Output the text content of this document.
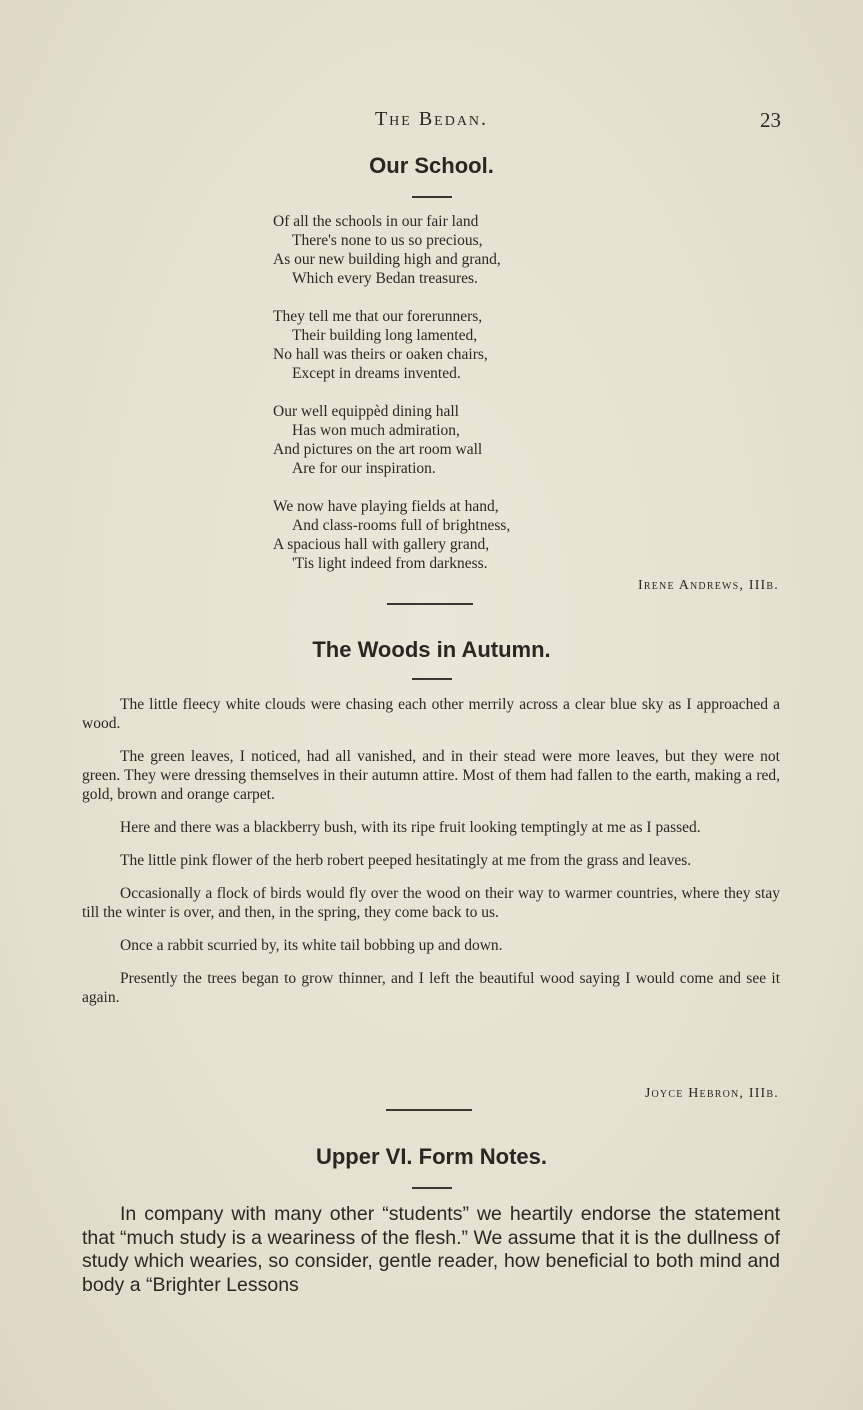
The Bedan.	23
Our School.
Of all the schools in our fair land
There's none to us so precious,
As our new building high and grand,
Which every Bedan treasures.
They tell me that our forerunners,
Their building long lamented,
No hall was theirs or oaken chairs,
Except in dreams invented.
Our well equippèd dining hall
Has won much admiration,
And pictures on the art room wall
Are for our inspiration.
We now have playing fields at hand,
And class-rooms full of brightness,
A spacious hall with gallery grand,
'Tis light indeed from darkness.
Irene Andrews, IIIb.
The Woods in Autumn.

The little fleecy white clouds were chasing each other merrily across a clear blue sky as I approached a wood.

The green leaves, I noticed, had all vanished, and in their stead were more leaves, but they were not green. They were dressing themselves in their autumn attire. Most of them had fallen to the earth, making a red, gold, brown and orange carpet.

Here and there was a blackberry bush, with its ripe fruit looking temptingly at me as I passed.

The little pink flower of the herb robert peeped hesitatingly at me from the grass and leaves.

Occasionally a flock of birds would fly over the wood on their way to warmer countries, where they stay till the winter is over, and then, in the spring, they come back to us.

Once a rabbit scurried by, its white tail bobbing up and down.

Presently the trees began to grow thinner, and I left the beautiful wood saying I would come and see it again.

Joyce Hebron, IIIb.
Upper VI. Form Notes.

In company with many other “students” we heartily endorse the statement that “much study is a weariness of the flesh.” We assume that it is the dullness of study which wearies, so consider, gentle reader, how beneficial to both mind and body a “Brighter Lessons
